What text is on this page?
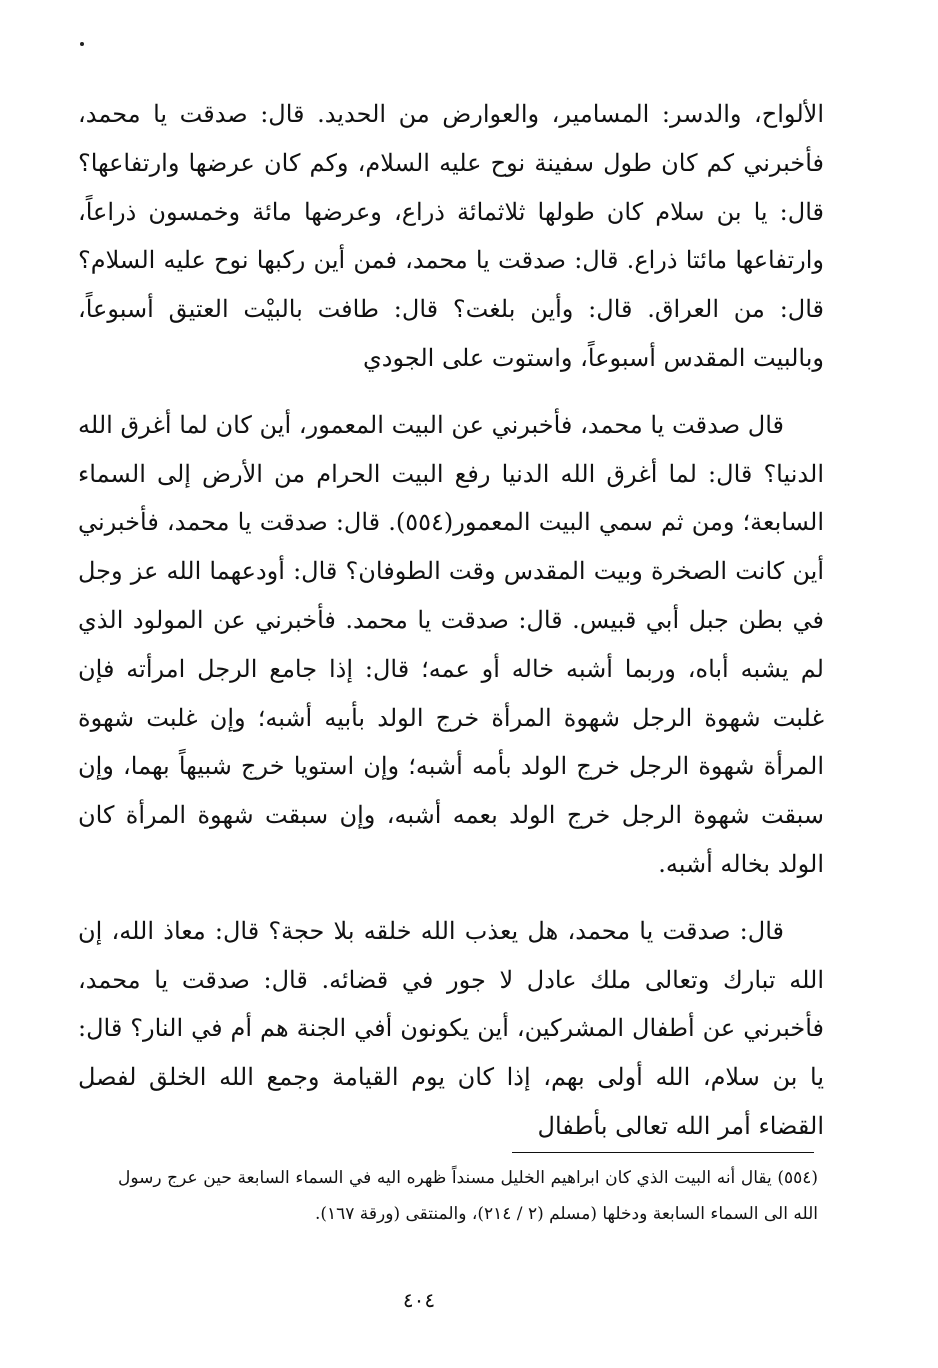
الألواح، والدسر: المسامير، والعوارض من الحديد. قال: صدقت يا محمد، فأخبرني كم كان طول سفينة نوح عليه السلام، وكم كان عرضها وارتفاعها؟ قال: يا بن سلام كان طولها ثلاثمائة ذراع، وعرضها مائة وخمسون ذراعاً، وارتفاعها مائتا ذراع. قال: صدقت يا محمد، فمن أين ركبها نوح عليه السلام؟ قال: من العراق. قال: وأين بلغت؟ قال: طافت بالبيْت العتيق أسبوعاً، وبالبيت المقدس أسبوعاً، واستوت على الجودي

قال صدقت يا محمد، فأخبرني عن البيت المعمور، أين كان لما أغرق الله الدنيا؟ قال: لما أغرق الله الدنيا رفع البيت الحرام من الأرض إلى السماء السابعة؛ ومن ثم سمي البيت المعمور(٥٥٤). قال: صدقت يا محمد، فأخبرني أين كانت الصخرة وبيت المقدس وقت الطوفان؟ قال: أودعهما الله عز وجل في بطن جبل أبي قبيس. قال: صدقت يا محمد. فأخبرني عن المولود الذي لم يشبه أباه، وربما أشبه خاله أو عمه؛ قال: إذا جامع الرجل امرأته فإن غلبت شهوة الرجل شهوة المرأة خرج الولد بأبيه أشبه؛ وإن غلبت شهوة المرأة شهوة الرجل خرج الولد بأمه أشبه؛ وإن استويا خرج شبيهاً بهما، وإن سبقت شهوة الرجل خرج الولد بعمه أشبه، وإن سبقت شهوة المرأة كان الولد بخاله أشبه.

قال: صدقت يا محمد، هل يعذب الله خلقه بلا حجة؟ قال: معاذ الله، إن الله تبارك وتعالى ملك عادل لا جور في قضائه. قال: صدقت يا محمد، فأخبرني عن أطفال المشركين، أين يكونون أفي الجنة هم أم في النار؟ قال: يا بن سلام، الله أولى بهم، إذا كان يوم القيامة وجمع الله الخلق لفصل القضاء أمر الله تعالى بأطفال

(٥٥٤) يقال أنه البيت الذي كان ابراهيم الخليل مسنداً ظهره اليه في السماء السابعة حين عرج رسول الله الى السماء السابعة ودخلها (مسلم (٢ / ٢١٤)، والمنتقى (ورقة ١٦٧).

٤٠٤
